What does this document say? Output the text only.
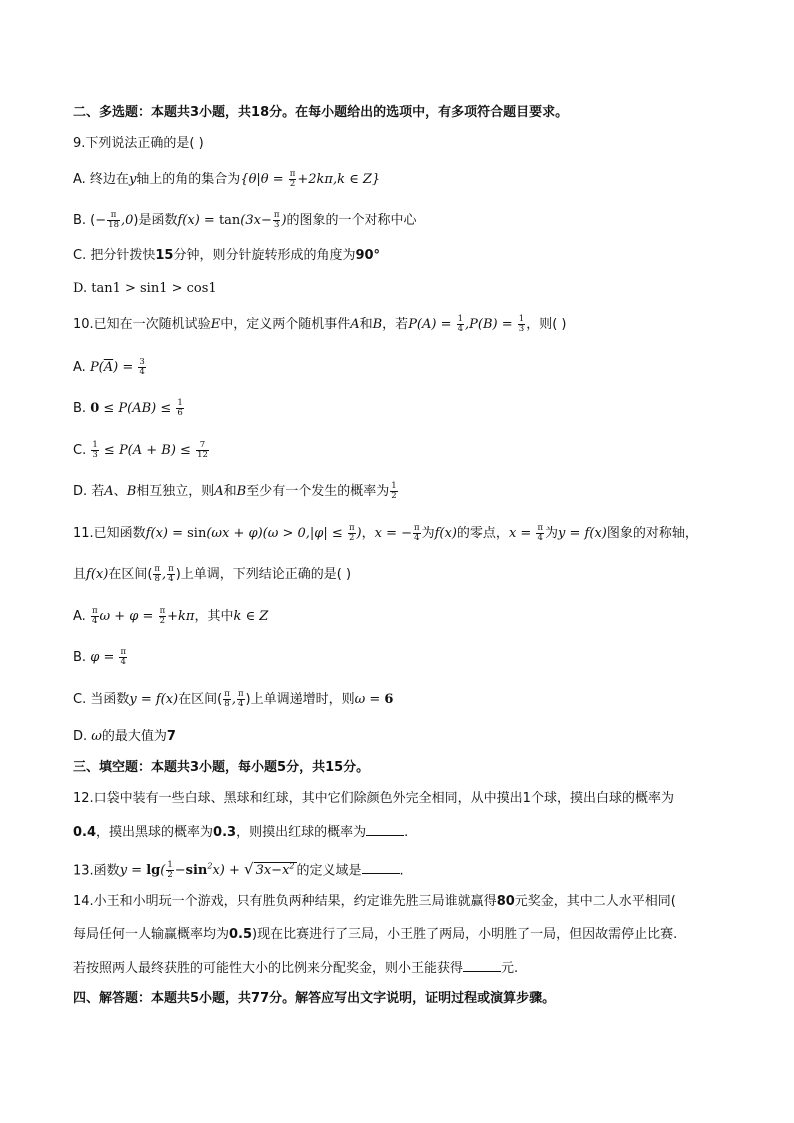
二、多选题：本题共3小题，共18分。在每小题给出的选项中，有多项符合题目要求。
9.下列说法正确的是( )
A. 终边在y轴上的角的集合为{$\theta|\theta = \frac{\pi}{2} +2k\pi,k$ ∈ Z}
B. (− $\frac{\pi}{18} ,0$)是函数$f(x) = \tan(3x- \frac{\pi}{3}$ )的图象的一个对称中心
C. 把分针拨快15分钟，则分针旋转形成的角度为90°
D. tan1 > sin1 > cos1
10.已知在一次随机试验E中，定义两个随机事件A和B，若$P(A) = \frac{1}{4} ,P(B) = \frac{1}{3}$ ，则( )
A. $P(\overline{A}) = \frac{3}{4}$
B. $0 \le P(AB) \le \frac{1}{6}$
C. $\frac{1}{3} \le P(A + B) \le \frac{7}{12}$
D. 若A、B相互独立，则A和B至少有一个发生的概率为 $\frac{1}{2}$
11.已知函数$f(x) = \sin(\omega x + \varphi)(\omega > 0,|\varphi| \le \frac{\pi}{2}$ )，x = − $\frac{\pi}{4}$ 为f(x)的零点，$x = \frac{\pi}{4}$ 为y = f(x)图象的对称轴，
且f(x)在区间( $\frac{\pi}{8}$ , $\frac{\pi}{4}$ )上单调，下列结论正确的是( )
A. $\frac{\pi}{4}$ $\omega + \varphi = \frac{\pi}{2} +k\pi$，其中k ∈ Z
B. $\varphi = \frac{\pi}{4}$
C. 当函数y = f(x)在区间( $\frac{\pi}{8}$ , $\frac{\pi}{4}$ )上单调递增时，则ω = 6
D. ω的最大值为7
三、填空题：本题共3小题，每小题5分，共15分。
12.口袋中装有一些白球、黑球和红球，其中它们除颜色外完全相同，从中摸出1个球，摸出白球的概率为
0.4，摸出黑球的概率为0.3，则摸出红球的概率为	.
13.函数$y = \lg( \frac{1}{2} -\sin^2x)$ + √ $3x-x^2$ 的定义域是	.
14.小王和小明玩一个游戏，只有胜负两种结果，约定谁先胜三局谁就赢得80元奖金，其中二人水平相同(
每局任何一人输赢概率均为0.5)现在比赛进行了三局，小王胜了两局，小明胜了一局，但因故需停止比赛.
若按照两人最终获胜的可能性大小的比例来分配奖金，则小王能获得	元.
四、解答题：本题共5小题，共77分。解答应写出文字说明，证明过程或演算步骤。
